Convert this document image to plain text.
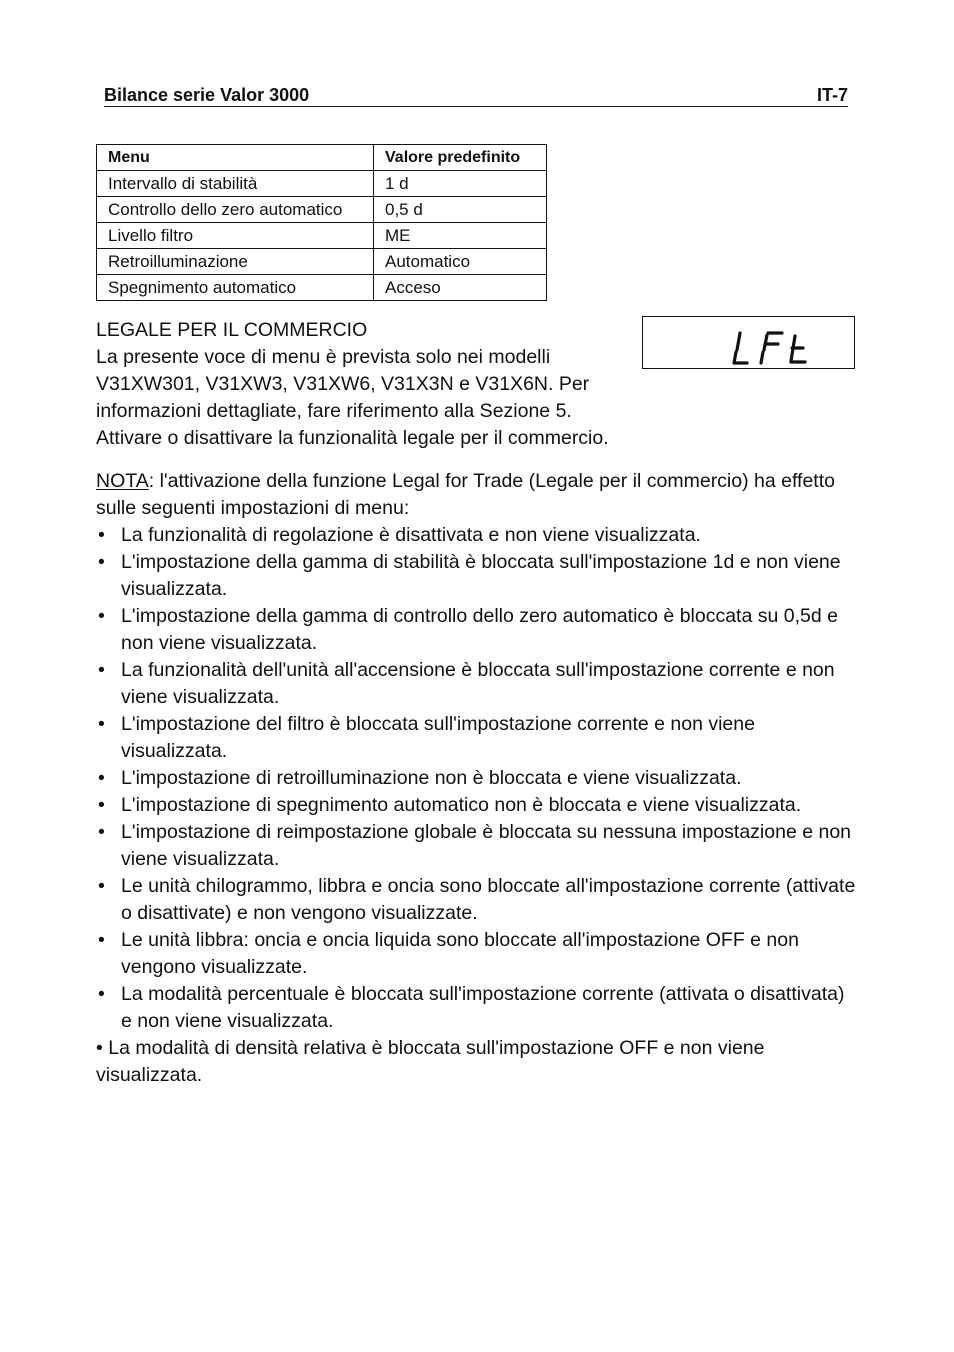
Bilance serie Valor 3000	IT-7
Menu	Valore predefinito
Intervallo di stabilità	1 d
Controllo dello zero automatico	0,5 d
Livello filtro	ME
Retroilluminazione	Automatico
Spegnimento automatico	Acceso
LEGALE PER IL COMMERCIO
La presente voce di menu è prevista solo nei modelli
V31XW301, V31XW3, V31XW6, V31X3N e V31X6N. Per
informazioni dettagliate, fare riferimento alla Sezione 5.
Attivare o disattivare la funzionalità legale per il commercio.
NOTA: l'attivazione della funzione Legal for Trade (Legale per il commercio) ha effetto sulle seguenti impostazioni di menu:
• La funzionalità di regolazione è disattivata e non viene visualizzata.
• L'impostazione della gamma di stabilità è bloccata sull'impostazione 1d e non viene visualizzata.
• L'impostazione della gamma di controllo dello zero automatico è bloccata su 0,5d e non viene visualizzata.
• La funzionalità dell'unità all'accensione è bloccata sull'impostazione corrente e non viene visualizzata.
• L'impostazione del filtro è bloccata sull'impostazione corrente e non viene visualizzata.
• L'impostazione di retroilluminazione non è bloccata e viene visualizzata.
• L'impostazione di spegnimento automatico non è bloccata e viene visualizzata.
• L'impostazione di reimpostazione globale è bloccata su nessuna impostazione e non viene visualizzata.
• Le unità chilogrammo, libbra e oncia sono bloccate all'impostazione corrente (attivate o disattivate) e non vengono visualizzate.
• Le unità libbra: oncia e oncia liquida sono bloccate all'impostazione OFF e non vengono visualizzate.
• La modalità percentuale è bloccata sull'impostazione corrente (attivata o disattivata) e non viene visualizzata.
• La modalità di densità relativa è bloccata sull'impostazione OFF e non viene visualizzata.
